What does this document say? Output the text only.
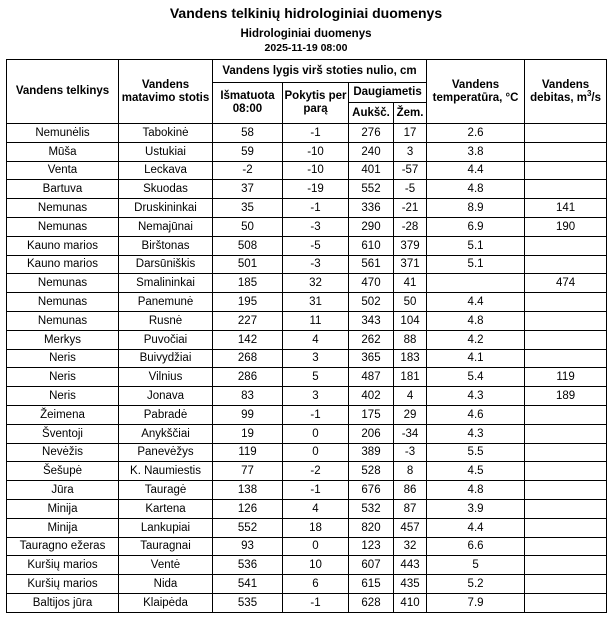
Vandens telkinių hidrologiniai duomenys
Hidrologiniai duomenys
2025-11-19 08:00
Vandens telkinys	Vandens matavimo stotis	Vandens lygis virš stoties nulio, cm				Vandens temperatūra, °C	Vandens debitas, $m^3/s$
		Išmatuota 08:00	Pokytis per parą	Daugiametis			
				Aukšč.	Žem.		
Nemunėlis	Tabokinė	58	-1	276	17	2.6	
Mūša	Ustukiai	59	-10	240	3	3.8	
Venta	Leckava	-2	-10	401	-57	4.4	
Bartuva	Skuodas	37	-19	552	-5	4.8	
Nemunas	Druskininkai	35	-1	336	-21	8.9	141
Nemunas	Nemajūnai	50	-3	290	-28	6.9	190
Kauno marios	Birštonas	508	-5	610	379	5.1	
Kauno marios	Darsūniškis	501	-3	561	371	5.1	
Nemunas	Smalininkai	185	32	470	41		474
Nemunas	Panemunė	195	31	502	50	4.4	
Nemunas	Rusnė	227	11	343	104	4.8	
Merkys	Puvočiai	142	4	262	88	4.2	
Neris	Buivydžiai	268	3	365	183	4.1	
Neris	Vilnius	286	5	487	181	5.4	119
Neris	Jonava	83	3	402	4	4.3	189
Žeimena	Pabradė	99	-1	175	29	4.6	
Šventoji	Anykščiai	19	0	206	-34	4.3	
Nevėžis	Panevėžys	119	0	389	-3	5.5	
Šešupė	K. Naumiestis	77	-2	528	8	4.5	
Jūra	Tauragė	138	-1	676	86	4.8	
Minija	Kartena	126	4	532	87	3.9	
Minija	Lankupiai	552	18	820	457	4.4	
Tauragno ežeras	Tauragnai	93	0	123	32	6.6	
Kuršių marios	Ventė	536	10	607	443	5	
Kuršių marios	Nida	541	6	615	435	5.2	
Baltijos jūra	Klaipėda	535	-1	628	410	7.9	
